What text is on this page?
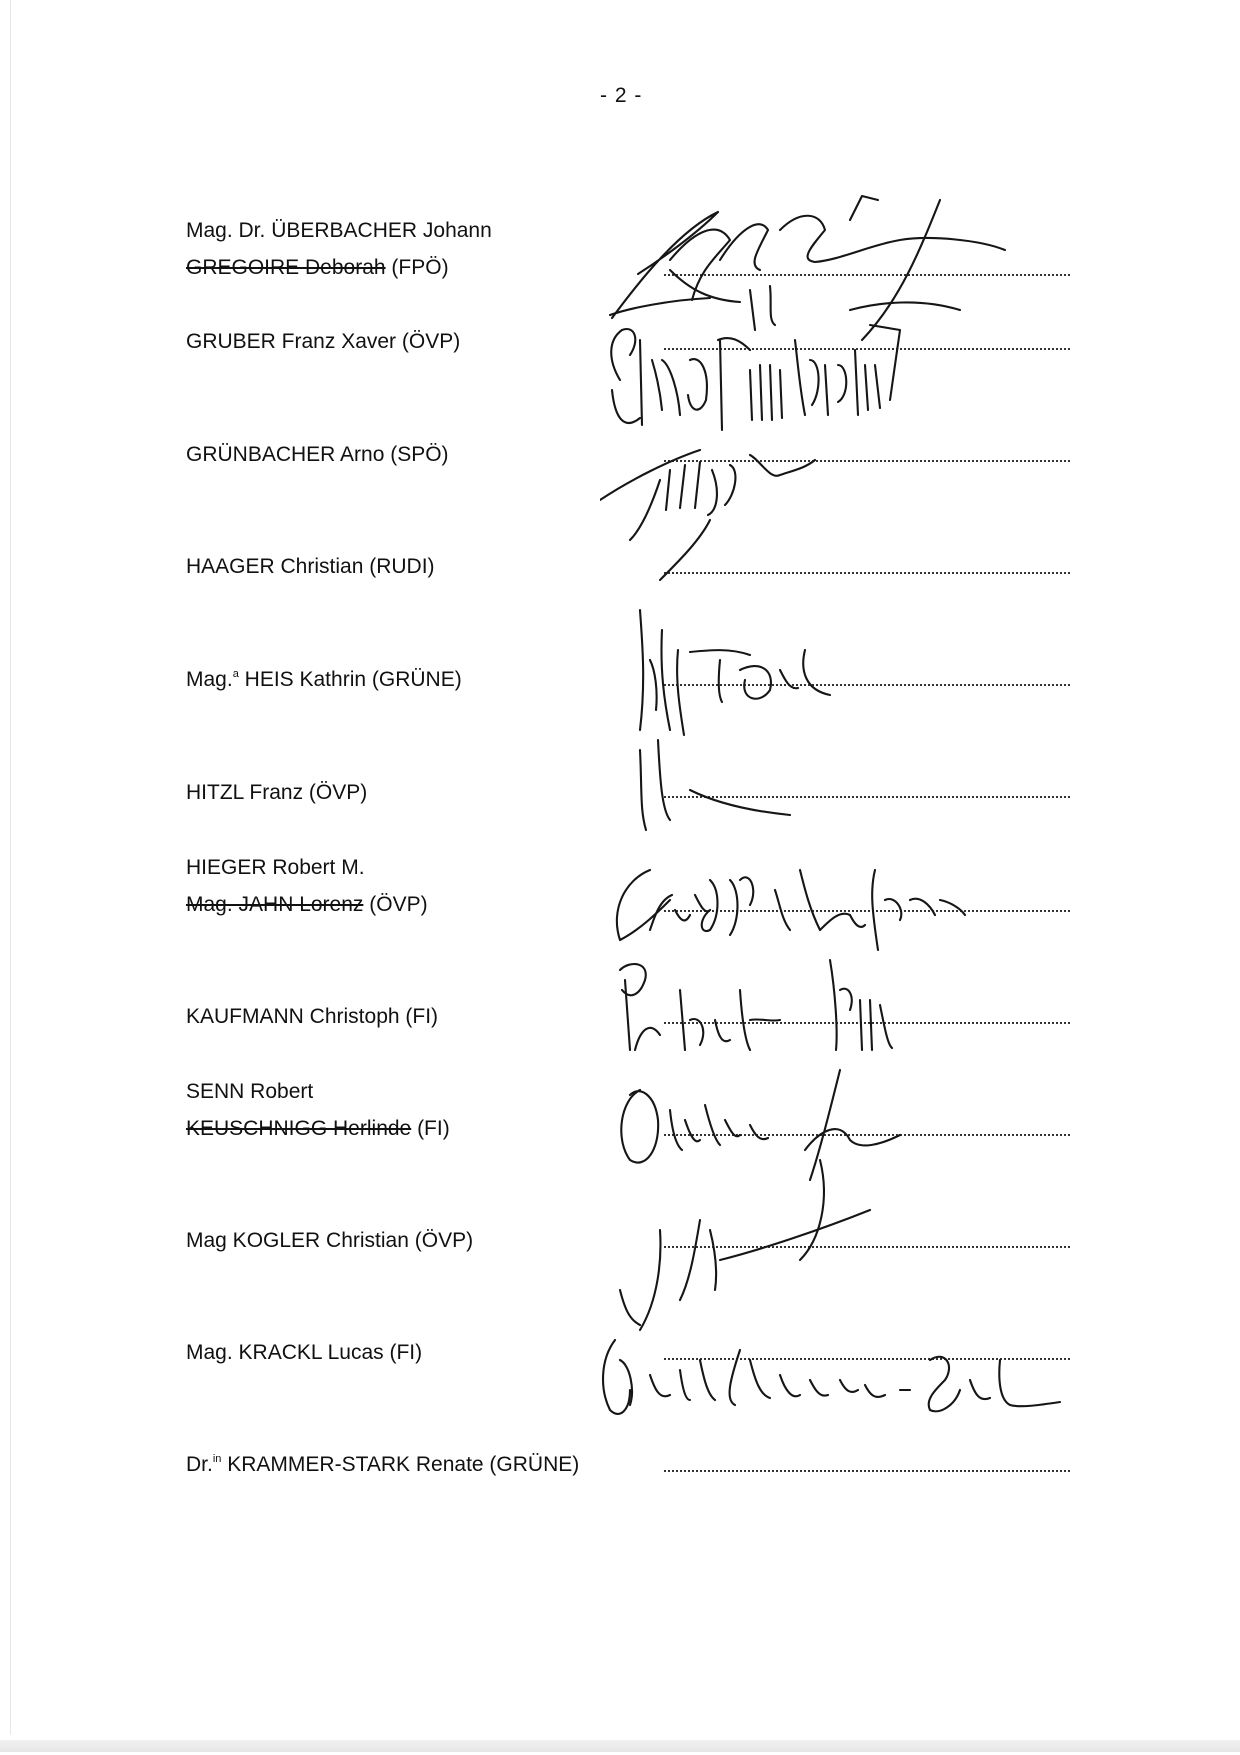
- 2 -
Mag. Dr. ÜBERBACHER Johann
GREGOIRE Deborah (FPÖ)
GRUBER Franz Xaver (ÖVP)
GRÜNBACHER Arno (SPÖ)
HAAGER Christian (RUDI)
Mag.$^a$ HEIS Kathrin (GRÜNE)
HITZL Franz (ÖVP)
HIEGER Robert M.
Mag. JAHN Lorenz (ÖVP)
KAUFMANN Christoph (FI)
SENN Robert
KEUSCHNIGG Herlinde (FI)
Mag KOGLER Christian (ÖVP)
Mag. KRACKL Lucas (FI)
Dr.$^{in}$ KRAMMER-STARK Renate (GRÜNE)
